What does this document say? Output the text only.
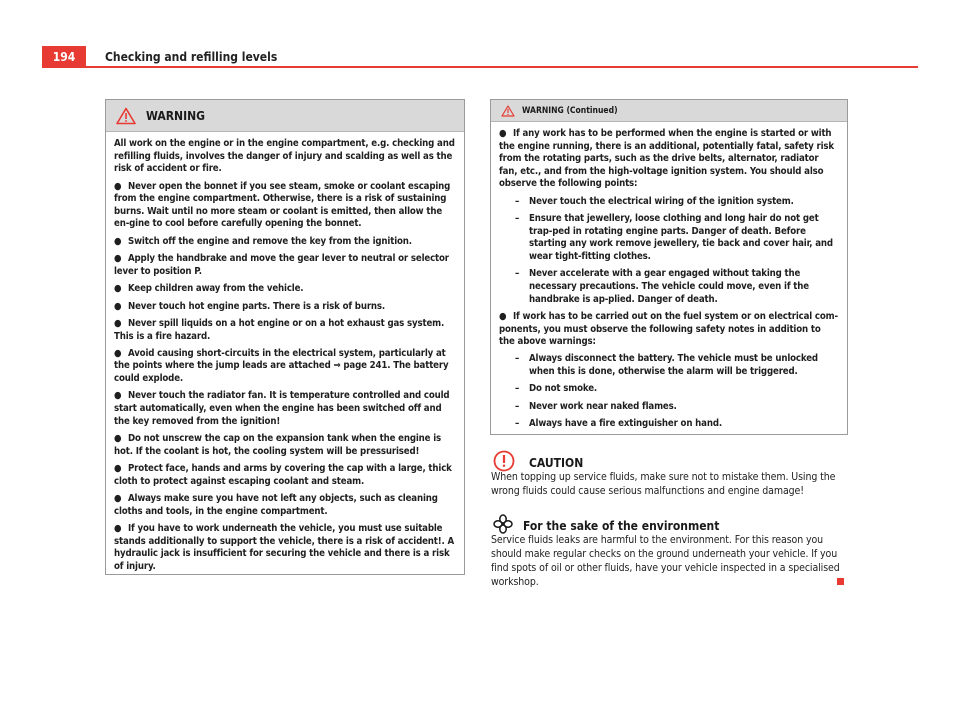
194	Checking and refilling levels
WARNING

All work on the engine or in the engine compartment, e.g. checking and refilling fluids, involves the danger of injury and scalding as well as the risk of accident or fire.

● Never open the bonnet if you see steam, smoke or coolant escaping from the engine compartment. Otherwise, there is a risk of sustaining burns. Wait until no more steam or coolant is emitted, then allow the en-gine to cool before carefully opening the bonnet.

● Switch off the engine and remove the key from the ignition.

● Apply the handbrake and move the gear lever to neutral or selector lever to position P.

● Keep children away from the vehicle.

● Never touch hot engine parts. There is a risk of burns.

● Never spill liquids on a hot engine or on a hot exhaust gas system. This is a fire hazard.

● Avoid causing short-circuits in the electrical system, particularly at the points where the jump leads are attached ⇒ page 241. The battery could explode.

● Never touch the radiator fan. It is temperature controlled and could start automatically, even when the engine has been switched off and the key removed from the ignition!

● Do not unscrew the cap on the expansion tank when the engine is hot. If the coolant is hot, the cooling system will be pressurised!

● Protect face, hands and arms by covering the cap with a large, thick cloth to protect against escaping coolant and steam.

● Always make sure you have not left any objects, such as cleaning cloths and tools, in the engine compartment.

● If you have to work underneath the vehicle, you must use suitable stands additionally to support the vehicle, there is a risk of accident!. A hydraulic jack is insufficient for securing the vehicle and there is a risk of injury.

WARNING (Continued)

● If any work has to be performed when the engine is started or with the engine running, there is an additional, potentially fatal, safety risk from the rotating parts, such as the drive belts, alternator, radiator fan, etc., and from the high-voltage ignition system. You should also observe the following points:

– Never touch the electrical wiring of the ignition system.

– Ensure that jewellery, loose clothing and long hair do not get trap-ped in rotating engine parts. Danger of death. Before starting any work remove jewellery, tie back and cover hair, and wear tight-fitting clothes.

– Never accelerate with a gear engaged without taking the necessary precautions. The vehicle could move, even if the handbrake is ap-plied. Danger of death.

● If work has to be carried out on the fuel system or on electrical com-ponents, you must observe the following safety notes in addition to the above warnings:

– Always disconnect the battery. The vehicle must be unlocked when this is done, otherwise the alarm will be triggered.

– Do not smoke.

– Never work near naked flames.

– Always have a fire extinguisher on hand.

CAUTION
When topping up service fluids, make sure not to mistake them. Using the wrong fluids could cause serious malfunctions and engine damage!
For the sake of the environment
Service fluids leaks are harmful to the environment. For this reason you should make regular checks on the ground underneath your vehicle. If you find spots of oil or other fluids, have your vehicle inspected in a specialised workshop.
